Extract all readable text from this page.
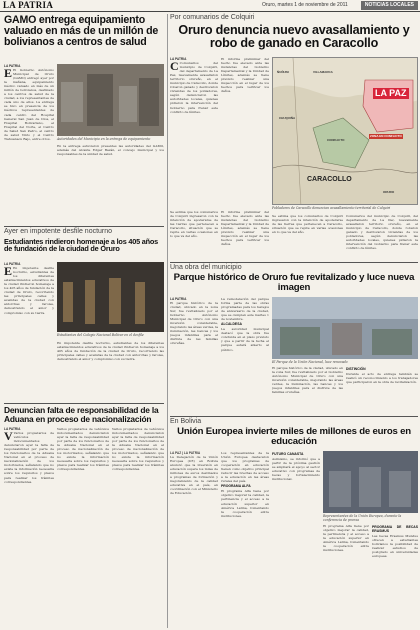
LA PATRIA	Oruro, martes 1 de noviembre de 2011	NOTICIAS LOCALES
GAMO entrega equipamiento valuado en más de un millón de bolivianos a centros de salud
LA PATRIA
E El Gobierno Autónomo Municipal de Oruro (GAMO) entregó ayer por la mañana, equipamiento médico valuado en más de un millón de bolivianos, destinado a los centros de salud de la ciudad, a los representantes de cada uno de ellos. La entrega se hizo en presencia de los médicos representantes de cada centro del Hospital General San Juan de Dios, el Hospital Bolivariano, el Hospital del Norte, el Centro de Salud San Pedro, el centro de salud Vinto y el Centro Tiahuanacu Bajo, entre otros.	Autoridades del Municipio en la entrega de equipamiento
En la entrega estuvieron presentes las autoridades del GAMO, además del Alcalde Edgar Bazán, el concejo municipal y los responsables de la unidad de salud.
Ayer en impotente desfile nocturno
Estudiantes rindieron homenaje a los 405 años de fundación de la ciudad de Oruro
LA PATRIA
E En impotente desfile nocturno, estudiantes de los diferentes establecimientos educativos de la ciudad rindieron homenaje a los 405 años de fundación de la ciudad de Oruro, recorriendo las principales calles y avenidas de la ciudad con antorchas y faroles, demostrando el amor y compromiso con su tierra.
Estudiantes del Colegio Nacional Bolívar en el desfile
En impotente desfile nocturno, estudiantes de los diferentes establecimientos educativos de la ciudad rindieron homenaje a los 405 años de fundación de la ciudad de Oruro, recorriendo las principales calles y avenidas de la ciudad con antorchas y faroles, demostrando el amor y compromiso con su tierra.
Denuncian falta de responsabilidad de la Aduana en proceso de nacionalización
LA PATRIA
V Varios propietarios de vehículos indocumentados denunciaron ayer la falta de responsabilidad por parte de los funcionarios de la Aduana Nacional en el proceso de nacionalización de los motorizados, señalando que no existe la información necesaria sobre los requisitos y plazos para realizar los trámites correspondientes.
Varios propietarios de vehículos indocumentados denunciaron ayer la falta de responsabilidad por parte de los funcionarios de la Aduana Nacional en el proceso de nacionalización de los motorizados, señalando que no existe la información necesaria sobre los requisitos y plazos para realizar los trámites correspondientes.
Varios propietarios de vehículos indocumentados denunciaron ayer la falta de responsabilidad por parte de los funcionarios de la Aduana Nacional en el proceso de nacionalización de los motorizados, señalando que no existe la información necesaria sobre los requisitos y plazos para realizar los trámites correspondientes.
Por comunarios de Colquiri
Oruro denuncia nuevo avasallamiento y robo de ganado en Caracollo
LA PATRIA
C Comunarios del municipio de Colquiri, del departamento de La Paz, nuevamente avasallaron territorio orureño, en el municipio de Caracollo, donde robaron ganado y destrozaron viviendas de los pobladores, según denunciaron las autoridades locales, quienes pidieron la intervención del Gobierno para frenar este conflicto de límites.
El informe preliminar del hecho fue elevado ante las instancias del Gobierno Departamental y la Unidad de Límites, además se tiene previsto realizar una inspección en el lugar de los hechos para verificar los daños.
ÑUÑUNI	VILLAMARCA
CHUQUIÑA
ZONA EN CONFLICTO
LA PAZ
CONFLICTO
CARACOLLO
ORURO
Pobladores de Caracollo denuncian avasallamiento territorial de Colquiri
Se estima que los comunarios de Colquiri ingresaron con la intención de apoderarse de las tierras que pertenecen a Caracollo, situación que se repite en varias ocasiones en lo que va del año.
El informe preliminar del hecho fue elevado ante las instancias del Gobierno Departamental y la Unidad de Límites, además se tiene previsto realizar una inspección en el lugar de los hechos para verificar los daños.
Se estima que los comunarios de Colquiri ingresaron con la intención de apoderarse de las tierras que pertenecen a Caracollo, situación que se repite en varias ocasiones en lo que va del año.
Comunarios del municipio de Colquiri, del departamento de La Paz, nuevamente avasallaron territorio orureño, en el municipio de Caracollo, donde robaron ganado y destrozaron viviendas de los pobladores, según denunciaron las autoridades locales, quienes pidieron la intervención del Gobierno para frenar este conflicto de límites.
Una obra del municipio
Parque histórico de Oruro fue revitalizado y luce nueva imagen
LA PATRIA
El parque histórico de la ciudad, ubicado en la zona Sur, fue revitalizado por el Gobierno Autónomo Municipal de Oruro con una inversión considerable, mejorando las áreas verdes, la iluminación, las bancas y los juegos infantiles para el disfrute de las familias orureñas.
La remodelación del parque forma parte de las obras programadas para los festejos de aniversario de la ciudad, que se cumplen este martes 1 de noviembre.
ALCALDESA
La autoridad municipal destacó que la obra fue concluida en el plazo previsto y que a partir de la fecha el parque estará abierto al público.
El Parque de la Unión Nacional, luce renovado
El parque histórico de la ciudad, ubicado en la zona Sur, fue revitalizado por el Gobierno Autónomo Municipal de Oruro con una inversión considerable, mejorando las áreas verdes, la iluminación, las bancas y los juegos infantiles para el disfrute de las familias orureñas.
DISTINCIÓN
Durante el acto de entrega también se realizó un reconocimiento a los trabajadores que participaron en la obra de revitalización.
En Bolivia
Unión Europea invierte miles de millones de euros en educación
LA PAZ | LA PATRIA
La Delegación de la Unión Europea (UE) en Bolivia anunció que la inversión en educación supera los miles de millones de euros destinados a programas de formación y mejoramiento de la calidad educativa en el país, en coordinación con el Ministerio de Educación.
Los representantes de la Unión Europea destacaron que los programas de cooperación en educación tienen como objetivo principal reducir las brechas de acceso a la educación en las áreas rurales del país.
PROGRAMA ALFA
El programa Alfa tiene por objetivo mejorar la calidad, la pertinencia y el acceso a la educación superior en América Latina, fomentando la cooperación entre instituciones.
FUTURO CANASTA
Asimismo, se informó que a partir de la próxima gestión se ampliará el apoyo al sector educativo con programas de becas y fortalecimiento institucional.
Representantes de la Unión Europea, durante la conferencia de prensa
El programa Alfa tiene por objetivo mejorar la calidad, la pertinencia y el acceso a la educación superior en América Latina, fomentando la cooperación entre instituciones.
PROGRAMA DE BECAS ERASMUS
Las becas Erasmus Mundus ofrecen a estudiantes bolivianos la posibilidad de realizar estudios de postgrado en universidades europeas.
